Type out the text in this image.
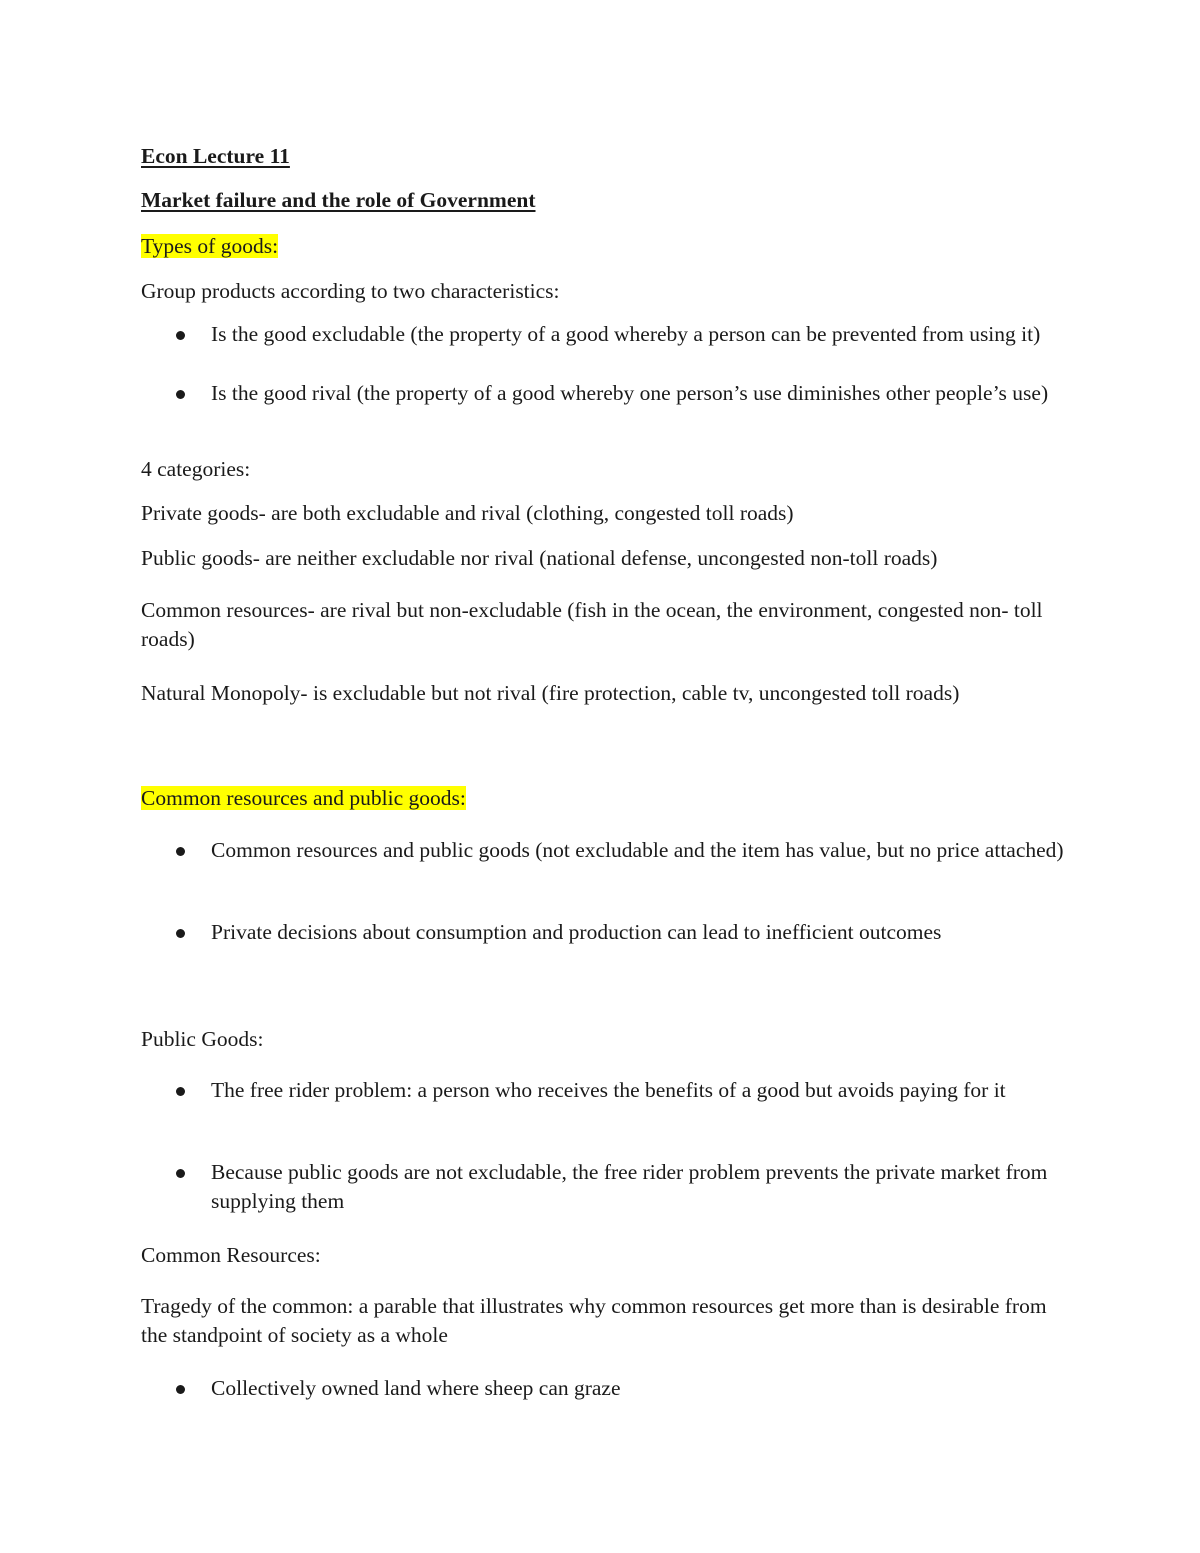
Econ Lecture 11
Market failure and the role of Government
Types of goods:
Group products according to two characteristics:
Is the good excludable (the property of a good whereby a person can be prevented from using it)
Is the good rival (the property of a good whereby one person’s use diminishes other people’s use)
4 categories:
Private goods- are both excludable and rival (clothing, congested toll roads)
Public goods- are neither excludable nor rival (national defense, uncongested non-toll roads)
Common resources- are rival but non-excludable (fish in the ocean, the environment, congested non- toll roads)
Natural Monopoly- is excludable but not rival (fire protection, cable tv, uncongested toll roads)
Common resources and public goods:
Common resources and public goods (not excludable and the item has value, but no price attached)
Private decisions about consumption and production can lead to inefficient outcomes
Public Goods:
The free rider problem: a person who receives the benefits of a good but avoids paying for it
Because public goods are not excludable, the free rider problem prevents the private market from supplying them
Common Resources:
Tragedy of the common: a parable that illustrates why common resources get more than is desirable from the standpoint of society as a whole
Collectively owned land where sheep can graze
